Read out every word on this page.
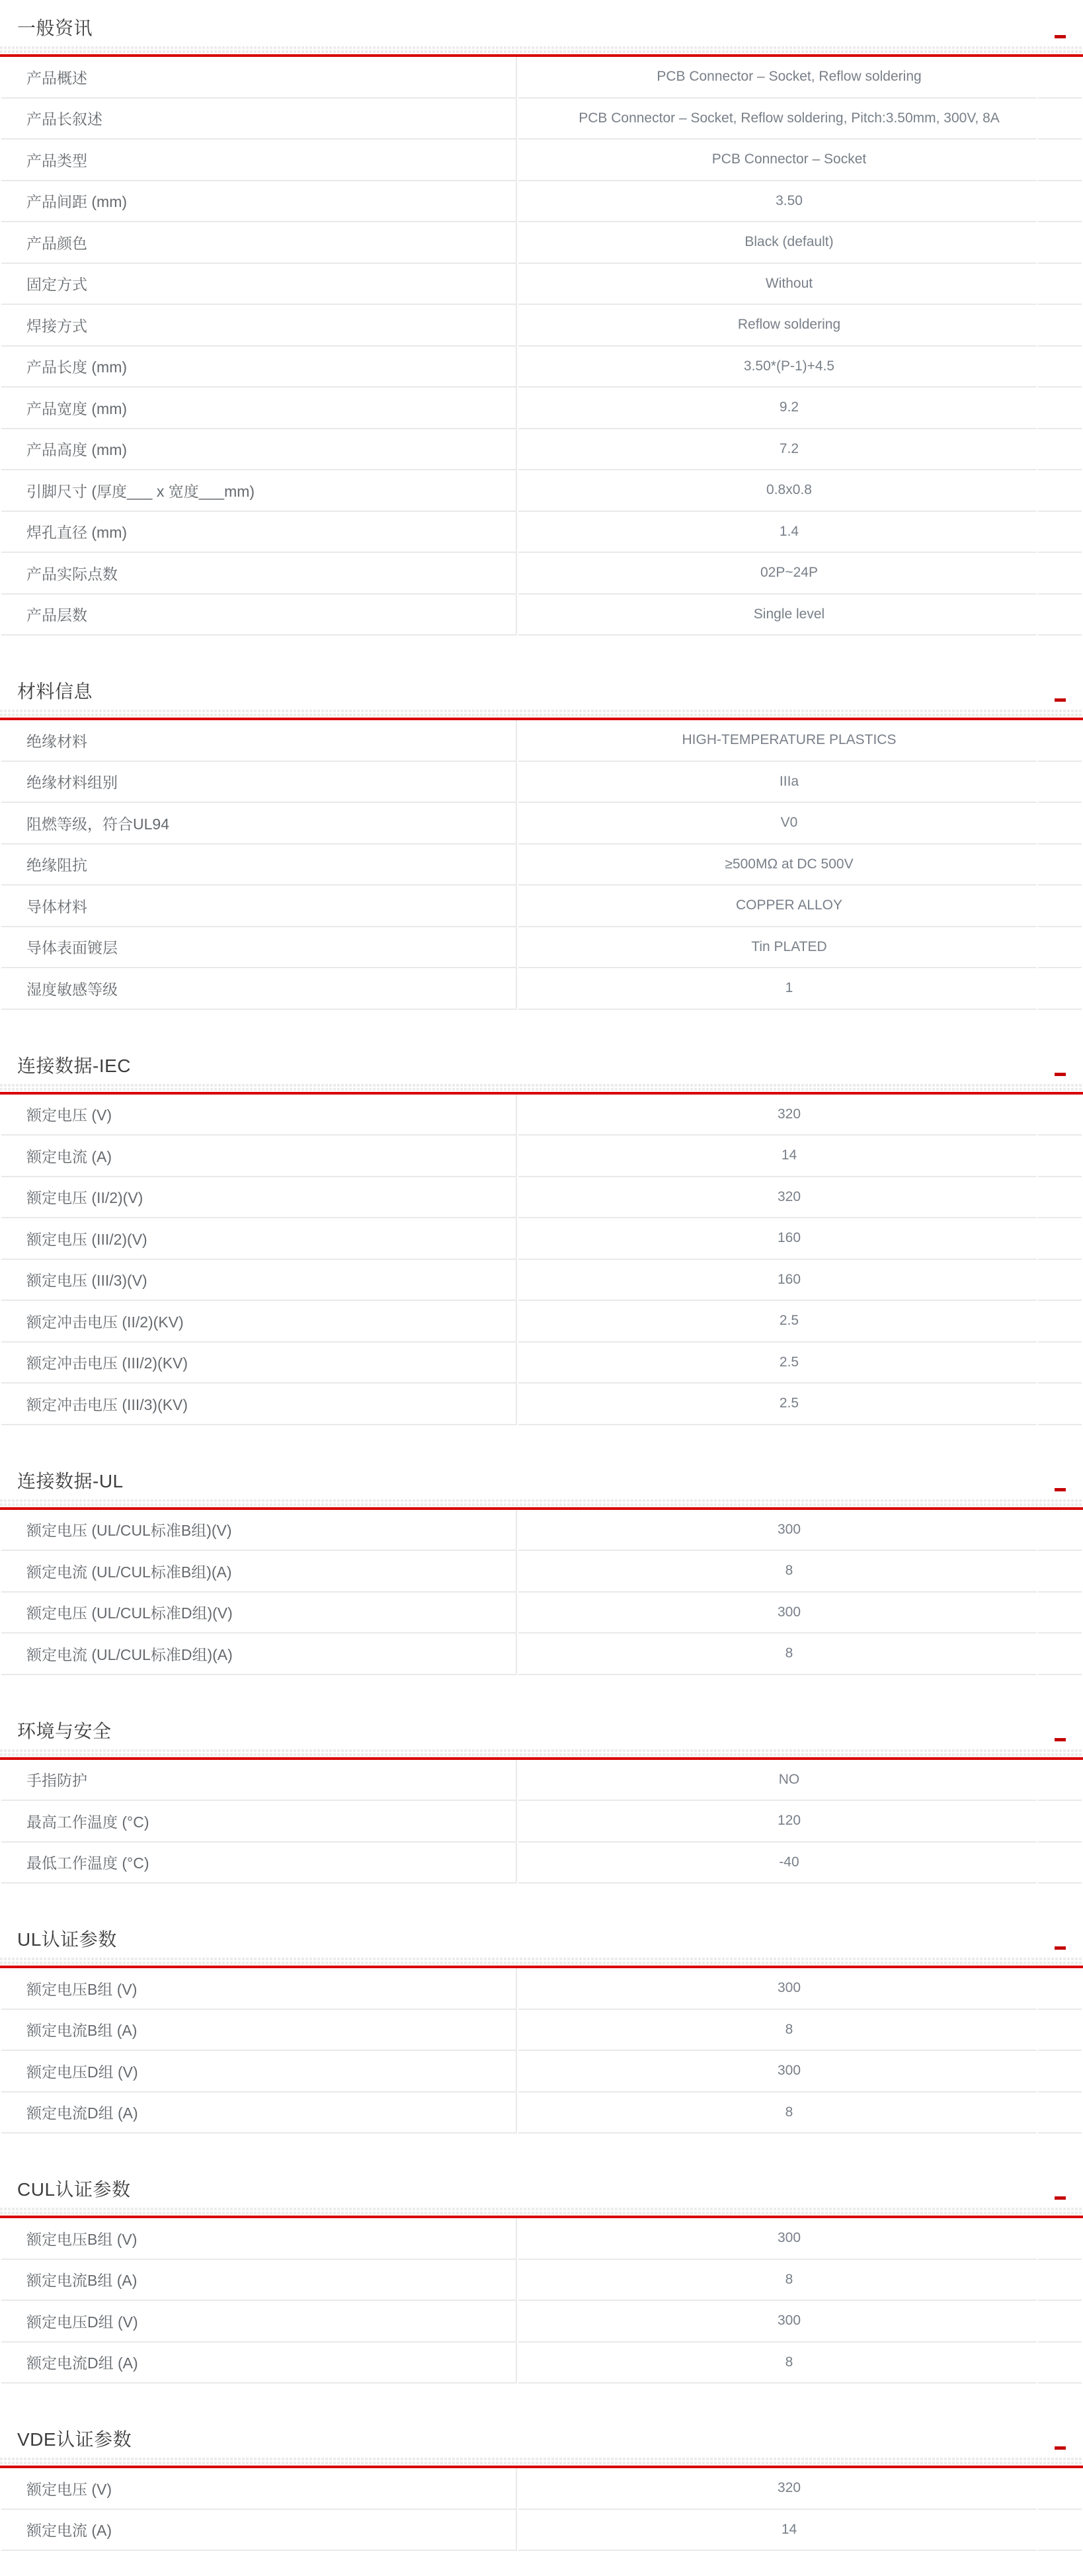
一般资讯
产品概述	PCB Connector – Socket, Reflow soldering	
产品长叙述	PCB Connector – Socket, Reflow soldering, Pitch:3.50mm, 300V, 8A	
产品类型	PCB Connector – Socket	
产品间距 (mm)	3.50	
产品颜色	Black (default)	
固定方式	Without	
焊接方式	Reflow soldering	
产品长度 (mm)	3.50*(P-1)+4.5	
产品宽度 (mm)	9.2	
产品高度 (mm)	7.2	
引脚尺寸 (厚度___ x 宽度___mm)	0.8x0.8	
焊孔直径 (mm)	1.4	
产品实际点数	02P~24P	
产品层数	Single level	
材料信息
绝缘材料	HIGH-TEMPERATURE PLASTICS	
绝缘材料组别	IIIa	
阻燃等级，符合UL94	V0	
绝缘阻抗	≥500MΩ at DC 500V	
导体材料	COPPER ALLOY	
导体表面镀层	Tin PLATED	
湿度敏感等级	1	
连接数据-IEC
额定电压 (V)	320	
额定电流 (A)	14	
额定电压 (II/2)(V)	320	
额定电压 (III/2)(V)	160	
额定电压 (III/3)(V)	160	
额定冲击电压 (II/2)(KV)	2.5	
额定冲击电压 (III/2)(KV)	2.5	
额定冲击电压 (III/3)(KV)	2.5	
连接数据-UL
额定电压 (UL/CUL标准B组)(V)	300	
额定电流 (UL/CUL标准B组)(A)	8	
额定电压 (UL/CUL标准D组)(V)	300	
额定电流 (UL/CUL标准D组)(A)	8	
环境与安全
手指防护	NO	
最高工作温度 (°C)	120	
最低工作温度 (°C)	-40	
UL认证参数
额定电压B组 (V)	300	
额定电流B组 (A)	8	
额定电压D组 (V)	300	
额定电流D组 (A)	8	
CUL认证参数
额定电压B组 (V)	300	
额定电流B组 (A)	8	
额定电压D组 (V)	300	
额定电流D组 (A)	8	
VDE认证参数
额定电压 (V)	320	
额定电流 (A)	14	
